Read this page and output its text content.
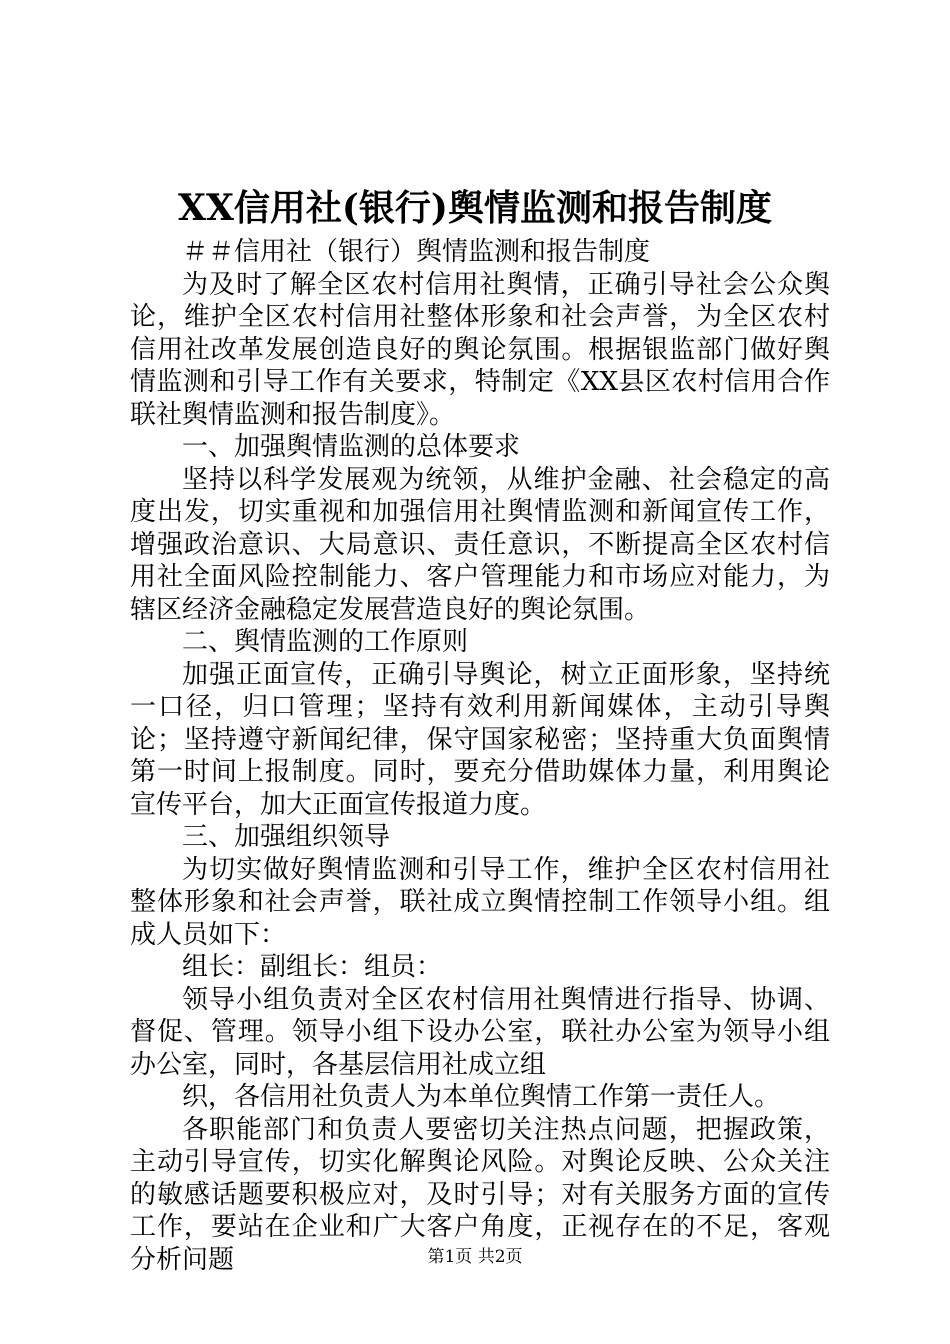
XX信用社(银行)舆情监测和报告制度

＃＃信用社（银行）舆情监测和报告制度

为及时了解全区农村信用社舆情，正确引导社会公众舆论，维护全区农村信用社整体形象和社会声誉，为全区农村信用社改革发展创造良好的舆论氛围。根据银监部门做好舆情监测和引导工作有关要求，特制定《XX县区农村信用合作联社舆情监测和报告制度》。

一、加强舆情监测的总体要求

坚持以科学发展观为统领，从维护金融、社会稳定的高度出发，切实重视和加强信用社舆情监测和新闻宣传工作，增强政治意识、大局意识、责任意识，不断提高全区农村信用社全面风险控制能力、客户管理能力和市场应对能力，为辖区经济金融稳定发展营造良好的舆论氛围。

二、舆情监测的工作原则

加强正面宣传，正确引导舆论，树立正面形象，坚持统一口径，归口管理；坚持有效利用新闻媒体，主动引导舆论；坚持遵守新闻纪律，保守国家秘密；坚持重大负面舆情第一时间上报制度。同时，要充分借助媒体力量，利用舆论宣传平台，加大正面宣传报道力度。

三、加强组织领导

为切实做好舆情监测和引导工作，维护全区农村信用社整体形象和社会声誉，联社成立舆情控制工作领导小组。组成人员如下：

组长：副组长：组员：

领导小组负责对全区农村信用社舆情进行指导、协调、督促、管理。领导小组下设办公室，联社办公室为领导小组办公室，同时，各基层信用社成立组

织，各信用社负责人为本单位舆情工作第一责任人。

各职能部门和负责人要密切关注热点问题，把握政策，主动引导宣传，切实化解舆论风险。对舆论反映、公众关注的敏感话题要积极应对，及时引导；对有关服务方面的宣传工作，要站在企业和广大客户角度，正视存在的不足，客观分析问题	第1页 共2页
